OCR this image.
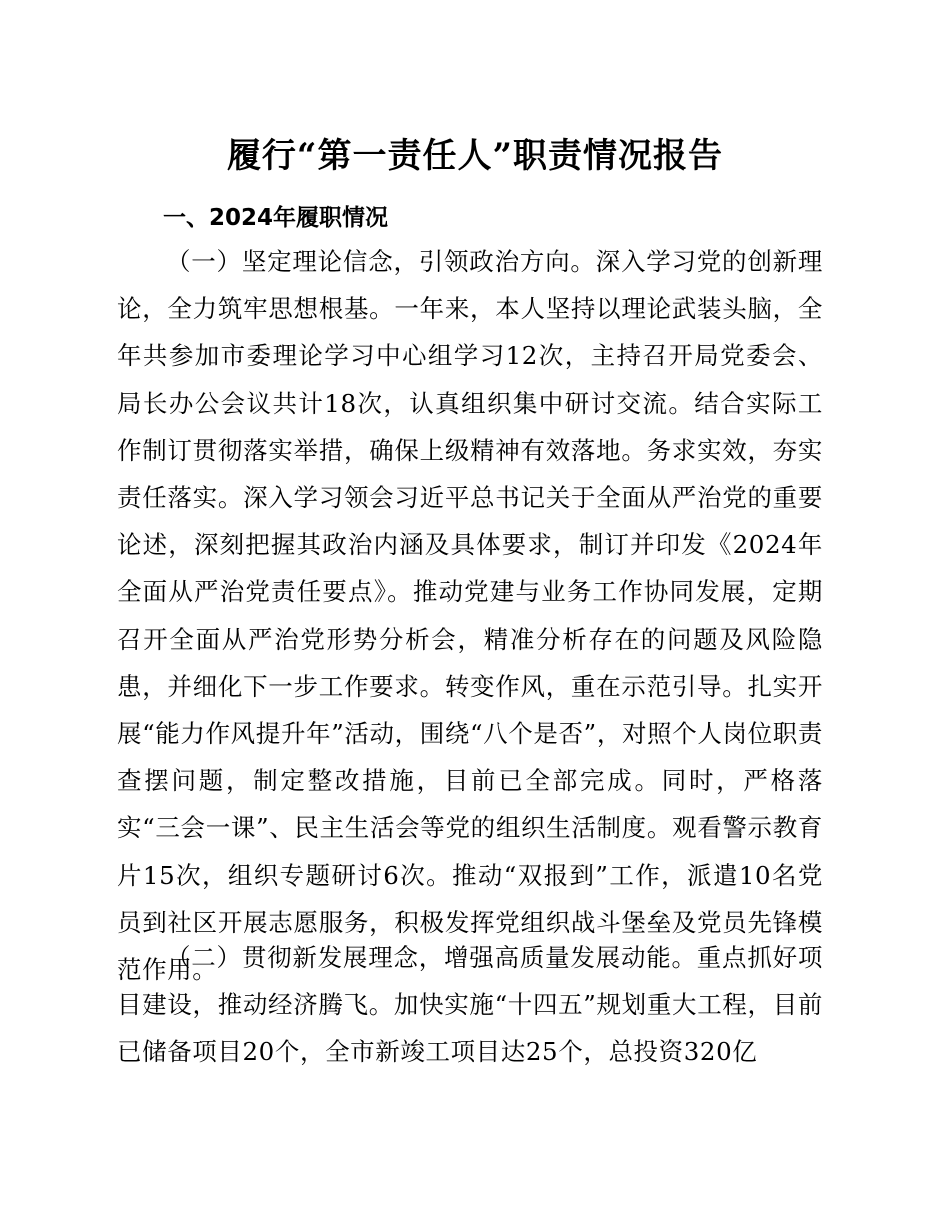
履行“第一责任人”职责情况报告
一、2024年履职情况

（一）坚定理论信念，引领政治方向。深入学习党的创新理论，全力筑牢思想根基。一年来，本人坚持以理论武装头脑，全年共参加市委理论学习中心组学习12次，主持召开局党委会、局长办公会议共计18次，认真组织集中研讨交流。结合实际工作制订贯彻落实举措，确保上级精神有效落地。务求实效，夯实责任落实。深入学习领会习近平总书记关于全面从严治党的重要论述，深刻把握其政治内涵及具体要求，制订并印发《2024年全面从严治党责任要点》。推动党建与业务工作协同发展，定期召开全面从严治党形势分析会，精准分析存在的问题及风险隐患，并细化下一步工作要求。转变作风，重在示范引导。扎实开展“能力作风提升年”活动，围绕“八个是否”，对照个人岗位职责查摆问题，制定整改措施，目前已全部完成。同时，严格落实“三会一课”、民主生活会等党的组织生活制度。观看警示教育片15次，组织专题研讨6次。推动“双报到”工作，派遣10名党员到社区开展志愿服务，积极发挥党组织战斗堡垒及党员先锋模范作用。

（二）贯彻新发展理念，增强高质量发展动能。重点抓好项目建设，推动经济腾飞。加快实施“十四五”规划重大工程，目前已储备项目20个，全市新竣工项目达25个，总投资320亿
